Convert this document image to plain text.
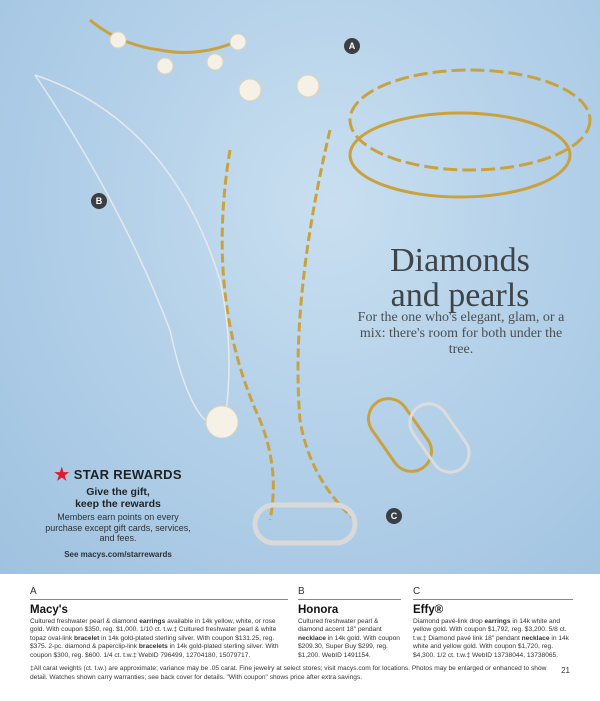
A
B
C
Diamonds
and pearls
For the one who's elegant, glam, or a mix: there's room for both under the tree.
★ STAR REWARDS
Give the gift,
keep the rewards
Members earn points on every purchase except gift cards, services, and fees.
See macys.com/starrewards
A
Macy's
Cultured freshwater pearl & diamond earrings available in 14k yellow, white, or rose gold. With coupon $350, reg. $1,000. 1/10 ct. t.w.‡ Cultured freshwater pearl & white topaz oval-link bracelet in 14k gold-plated sterling silver. With coupon $131.25, reg. $375. 2-pc. diamond & paperclip-link bracelets in 14k gold-plated sterling silver. With coupon $300, reg. $600. 1/4 ct. t.w.‡ WebID 796499, 12704180, 15079717.
B
Honora
Cultured freshwater pearl & diamond accent 18" pendant necklace in 14k gold. With coupon $209.30, Super Buy $299, reg. $1,200. WebID 1491154.
C
Effy®
Diamond pavé-link drop earrings in 14k white and yellow gold. With coupon $1,792, reg. $3,200. 5/8 ct. t.w.‡ Diamond pavé link 18" pendant necklace in 14k white and yellow gold. With coupon $1,720, reg. $4,300. 1/2 ct. t.w.‡ WebID 13738044, 13738065.
‡All carat weights (ct. t.w.) are approximate; variance may be .05 carat. Fine jewelry at select stores; visit macys.com for locations. Photos may be enlarged or enhanced to show detail. Watches shown carry warranties; see back cover for details. "With coupon" shows price after extra savings.
21
